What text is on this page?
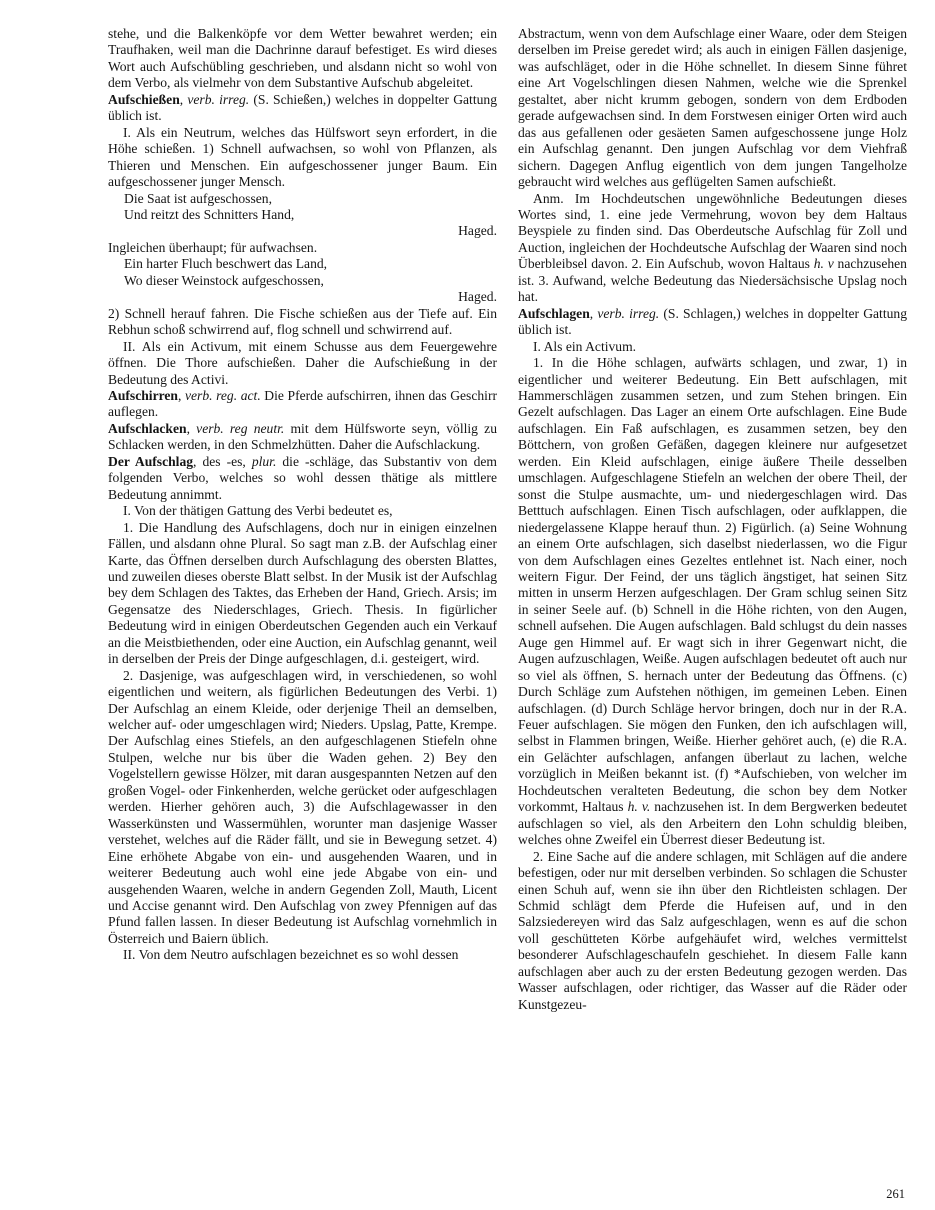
stehe, und die Balkenköpfe vor dem Wetter bewahret werden; ein Traufhaken, weil man die Dachrinne darauf befestiget. Es wird dieses Wort auch Aufschübling geschrieben, und alsdann nicht so wohl von dem Verbo, als vielmehr von dem Substantive Aufschub abgeleitet.
Aufschießen, verb. irreg. (S. Schießen,) welches in doppelter Gattung üblich ist.
I. Als ein Neutrum, welches das Hülfswort seyn erfordert, in die Höhe schießen. 1) Schnell aufwachsen, so wohl von Pflanzen, als Thieren und Menschen. Ein aufgeschossener junger Baum. Ein aufgeschossener junger Mensch.
Die Saat ist aufgeschossen,
Und reitzt des Schnitters Hand,
Haged.
Ingleichen überhaupt; für aufwachsen.
Ein harter Fluch beschwert das Land,
Wo dieser Weinstock aufgeschossen,
Haged.
2) Schnell herauf fahren. Die Fische schießen aus der Tiefe auf. Ein Rebhun schoß schwirrend auf, flog schnell und schwirrend auf.
II. Als ein Activum, mit einem Schusse aus dem Feuergewehre öffnen. Die Thore aufschießen. Daher die Aufschießung in der Bedeutung des Activi.
Aufschirren, verb. reg. act. Die Pferde aufschirren, ihnen das Geschirr auflegen.
Aufschlacken, verb. reg neutr. mit dem Hülfsworte seyn, völlig zu Schlacken werden, in den Schmelzhütten. Daher die Aufschlackung.
Der Aufschlag, des -es, plur. die -schläge, das Substantiv von dem folgenden Verbo, welches so wohl dessen thätige als mittlere Bedeutung annimmt.
I. Von der thätigen Gattung des Verbi bedeutet es,
1. Die Handlung des Aufschlagens, doch nur in einigen einzelnen Fällen, und alsdann ohne Plural. So sagt man z.B. der Aufschlag einer Karte, das Öffnen derselben durch Aufschlagung des obersten Blattes, und zuweilen dieses oberste Blatt selbst. In der Musik ist der Aufschlag bey dem Schlagen des Taktes, das Erheben der Hand, Griech. Arsis; im Gegensatze des Niederschlages, Griech. Thesis. In figürlicher Bedeutung wird in einigen Oberdeutschen Gegenden auch ein Verkauf an die Meistbiethenden, oder eine Auction, ein Aufschlag genannt, weil in derselben der Preis der Dinge aufgeschlagen, d.i. gesteigert, wird.
2. Dasjenige, was aufgeschlagen wird, in verschiedenen, so wohl eigentlichen und weitern, als figürlichen Bedeutungen des Verbi. 1) Der Aufschlag an einem Kleide, oder derjenige Theil an demselben, welcher auf- oder umgeschlagen wird; Nieders. Upslag, Patte, Krempe. Der Aufschlag eines Stiefels, an den aufgeschlagenen Stiefeln ohne Stulpen, welche nur bis über die Waden gehen. 2) Bey den Vogelstellern gewisse Hölzer, mit daran ausgespannten Netzen auf den großen Vogel- oder Finkenherden, welche gerücket oder aufgeschlagen werden. Hierher gehören auch, 3) die Aufschlagewasser in den Wasserkünsten und Wassermühlen, worunter man dasjenige Wasser verstehet, welches auf die Räder fällt, und sie in Bewegung setzet. 4) Eine erhöhete Abgabe von ein- und ausgehenden Waaren, und in weiterer Bedeutung auch wohl eine jede Abgabe von ein- und ausgehenden Waaren, welche in andern Gegenden Zoll, Mauth, Licent und Accise genannt wird. Den Aufschlag von zwey Pfennigen auf das Pfund fallen lassen. In dieser Bedeutung ist Aufschlag vornehmlich in Österreich und Baiern üblich.
II. Von dem Neutro aufschlagen bezeichnet es so wohl dessen
Abstractum, wenn von dem Aufschlage einer Waare, oder dem Steigen derselben im Preise geredet wird; als auch in einigen Fällen dasjenige, was aufschläget, oder in die Höhe schnellet. In diesem Sinne führet eine Art Vogelschlingen diesen Nahmen, welche wie die Sprenkel gestaltet, aber nicht krumm gebogen, sondern von dem Erdboden gerade aufgewachsen sind. In dem Forstwesen einiger Orten wird auch das aus gefallenen oder gesäeten Samen aufgeschossene junge Holz ein Aufschlag genannt. Den jungen Aufschlag vor dem Viehfraß sichern. Dagegen Anflug eigentlich von dem jungen Tangelholze gebraucht wird welches aus geflügelten Samen aufschießt.
Anm. Im Hochdeutschen ungewöhnliche Bedeutungen dieses Wortes sind, 1. eine jede Vermehrung, wovon bey dem Haltaus Beyspiele zu finden sind. Das Oberdeutsche Aufschlag für Zoll und Auction, ingleichen der Hochdeutsche Aufschlag der Waaren sind noch Überbleibsel davon. 2. Ein Aufschub, wovon Haltaus h. v nachzusehen ist. 3. Aufwand, welche Bedeutung das Niedersächsische Upslag noch hat.
Aufschlagen, verb. irreg. (S. Schlagen,) welches in doppelter Gattung üblich ist.
I. Als ein Activum.
1. In die Höhe schlagen, aufwärts schlagen, und zwar, 1) in eigentlicher und weiterer Bedeutung. Ein Bett aufschlagen, mit Hammerschlägen zusammen setzen, und zum Stehen bringen. Ein Gezelt aufschlagen. Das Lager an einem Orte aufschlagen. Eine Bude aufschlagen. Ein Faß aufschlagen, es zusammen setzen, bey den Böttchern, von großen Gefäßen, dagegen kleinere nur aufgesetzet werden. Ein Kleid aufschlagen, einige äußere Theile desselben umschlagen. Aufgeschlagene Stiefeln an welchen der obere Theil, der sonst die Stulpe ausmachte, um- und niedergeschlagen wird. Das Betttuch aufschlagen. Einen Tisch aufschlagen, oder aufklappen, die niedergelassene Klappe herauf thun. 2) Figürlich. (a) Seine Wohnung an einem Orte aufschlagen, sich daselbst niederlassen, wo die Figur von dem Aufschlagen eines Gezeltes entlehnet ist. Nach einer, noch weitern Figur. Der Feind, der uns täglich ängstiget, hat seinen Sitz mitten in unserm Herzen aufgeschlagen. Der Gram schlug seinen Sitz in seiner Seele auf. (b) Schnell in die Höhe richten, von den Augen, schnell aufsehen. Die Augen aufschlagen. Bald schlugst du dein nasses Auge gen Himmel auf. Er wagt sich in ihrer Gegenwart nicht, die Augen aufzuschlagen, Weiße. Augen aufschlagen bedeutet oft auch nur so viel als öffnen, S. hernach unter der Bedeutung das Öffnens. (c) Durch Schläge zum Aufstehen nöthigen, im gemeinen Leben. Einen aufschlagen. (d) Durch Schläge hervor bringen, doch nur in der R.A. Feuer aufschlagen. Sie mögen den Funken, den ich aufschlagen will, selbst in Flammen bringen, Weiße. Hierher gehöret auch, (e) die R.A. ein Gelächter aufschlagen, anfangen überlaut zu lachen, welche vorzüglich in Meißen bekannt ist. (f) *Aufschieben, von welcher im Hochdeutschen veralteten Bedeutung, die schon bey dem Notker vorkommt, Haltaus h. v. nachzusehen ist. In dem Bergwerken bedeutet aufschlagen so viel, als den Arbeitern den Lohn schuldig bleiben, welches ohne Zweifel ein Überrest dieser Bedeutung ist.
2. Eine Sache auf die andere schlagen, mit Schlägen auf die andere befestigen, oder nur mit derselben verbinden. So schlagen die Schuster einen Schuh auf, wenn sie ihn über den Richtleisten schlagen. Der Schmid schlägt dem Pferde die Hufeisen auf, und in den Salzsiedereyen wird das Salz aufgeschlagen, wenn es auf die schon voll geschütteten Körbe aufgehäufet wird, welches vermittelst besonderer Aufschlageschaufeln geschiehet. In diesem Falle kann aufschlagen aber auch zu der ersten Bedeutung gezogen werden. Das Wasser aufschlagen, oder richtiger, das Wasser auf die Räder oder Kunstgezeu-
261
